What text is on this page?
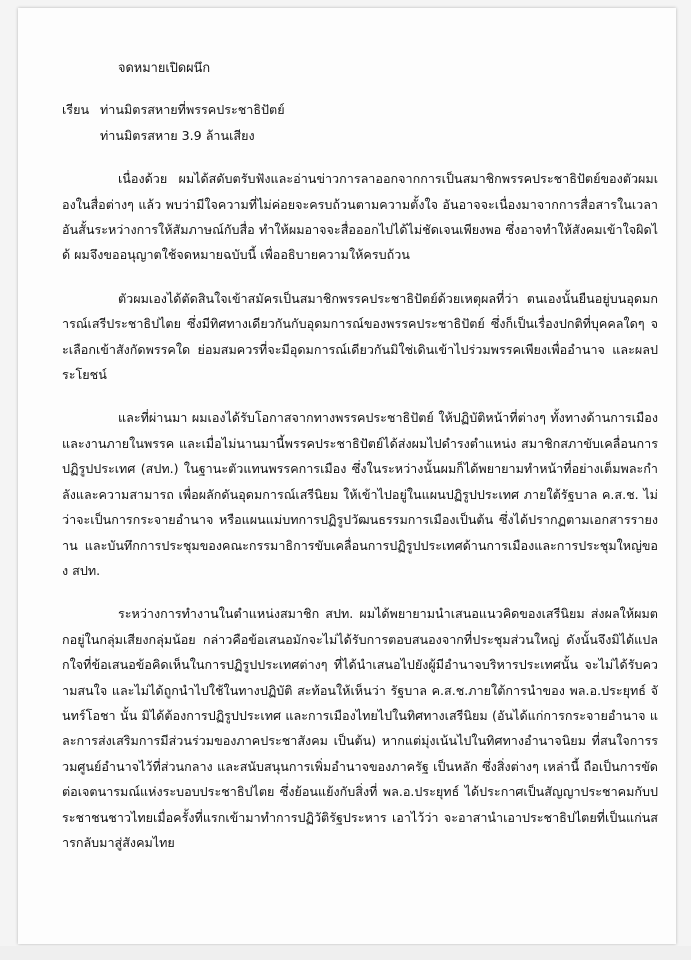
จดหมายเปิดผนึก
เรียน ท่านมิตรสหายที่พรรคประชาธิปัตย์
ท่านมิตรสหาย 3.9 ล้านเสียง

เนื่องด้วย ผมได้สดับตรับฟังและอ่านข่าวการลาออกจากการเป็นสมาชิกพรรคประชาธิปัตย์ของตัวผมเองในสื่อต่างๆ แล้ว พบว่ามีใจความที่ไม่ค่อยจะครบถ้วนตามความตั้งใจ อันอาจจะเนื่องมาจากการสื่อสารในเวลาอันสั้นระหว่างการให้สัมภาษณ์กับสื่อ ทำให้ผมอาจจะสื่อออกไปได้ไม่ชัดเจนเพียงพอ ซึ่งอาจทำให้สังคมเข้าใจผิดได้ ผมจึงขออนุญาตใช้จดหมายฉบับนี้ เพื่ออธิบายความให้ครบถ้วน

ตัวผมเองได้ตัดสินใจเข้าสมัครเป็นสมาชิกพรรคประชาธิปัตย์ด้วยเหตุผลที่ว่า ตนเองนั้นยืนอยู่บนอุดมการณ์เสรีประชาธิปไตย ซึ่งมีทิศทางเดียวกันกับอุดมการณ์ของพรรคประชาธิปัตย์ ซึ่งก็เป็นเรื่องปกติที่บุคคลใดๆ จะเลือกเข้าสังกัดพรรคใด ย่อมสมควรที่จะมีอุดมการณ์เดียวกันมิใช่เดินเข้าไปร่วมพรรคเพียงเพื่ออำนาจ และผลประโยชน์

และที่ผ่านมา ผมเองได้รับโอกาสจากทางพรรคประชาธิปัตย์ ให้ปฏิบัติหน้าที่ต่างๆ ทั้งทางด้านการเมือง และงานภายในพรรค และเมื่อไม่นานมานี้พรรคประชาธิปัตย์ได้ส่งผมไปดำรงตำแหน่ง สมาชิกสภาขับเคลื่อนการปฏิรูปประเทศ (สปท.) ในฐานะตัวแทนพรรคการเมือง ซึ่งในระหว่างนั้นผมก็ได้พยายามทำหน้าที่อย่างเต็มพละกำลังและความสามารถ เพื่อผลักดันอุดมการณ์เสรีนิยม ให้เข้าไปอยู่ในแผนปฏิรูปประเทศ ภายใต้รัฐบาล ค.ส.ช. ไม่ว่าจะเป็นการกระจายอำนาจ หรือแผนแม่บทการปฏิรูปวัฒนธรรมการเมืองเป็นต้น ซึ่งได้ปรากฏตามเอกสารรายงาน และบันทึกการประชุมของคณะกรรมาธิการขับเคลื่อนการปฏิรูปประเทศด้านการเมืองและการประชุมใหญ่ของ สปท.

ระหว่างการทำงานในตำแหน่งสมาชิก สปท. ผมได้พยายามนำเสนอแนวคิดของเสรีนิยม ส่งผลให้ผมตกอยู่ในกลุ่มเสียงกลุ่มน้อย กล่าวคือข้อเสนอมักจะไม่ได้รับการตอบสนองจากที่ประชุมส่วนใหญ่ ดังนั้นจึงมิได้แปลกใจที่ข้อเสนอข้อคิดเห็นในการปฏิรูปประเทศต่างๆ ที่ได้นำเสนอไปยังผู้มีอำนาจบริหารประเทศนั้น จะไม่ได้รับความสนใจ และไม่ได้ถูกนำไปใช้ในทางปฏิบัติ สะท้อนให้เห็นว่า รัฐบาล ค.ส.ช.ภายใต้การนำของ พล.อ.ประยุทธ์ จันทร์โอชา นั้น มิได้ต้องการปฏิรูปประเทศ และการเมืองไทยไปในทิศทางเสรีนิยม (อันได้แก่การกระจายอำนาจ และการส่งเสริมการมีส่วนร่วมของภาคประชาสังคม เป็นต้น) หากแต่มุ่งเน้นไปในทิศทางอำนาจนิยม ที่สนใจการรวมศูนย์อำนาจไว้ที่ส่วนกลาง และสนับสนุนการเพิ่มอำนาจของภาครัฐ เป็นหลัก ซึ่งสิ่งต่างๆ เหล่านี้ ถือเป็นการขัดต่อเจตนารมณ์แห่งระบอบประชาธิปไตย ซึ่งย้อนแย้งกับสิ่งที่ พล.อ.ประยุทธ์ ได้ประกาศเป็นสัญญาประชาคมกับประชาชนชาวไทยเมื่อครั้งที่แรกเข้ามาทำการปฏิวัติรัฐประหาร เอาไว้ว่า จะอาสานำเอาประชาธิปไตยที่เป็นแก่นสารกลับมาสู่สังคมไทย
